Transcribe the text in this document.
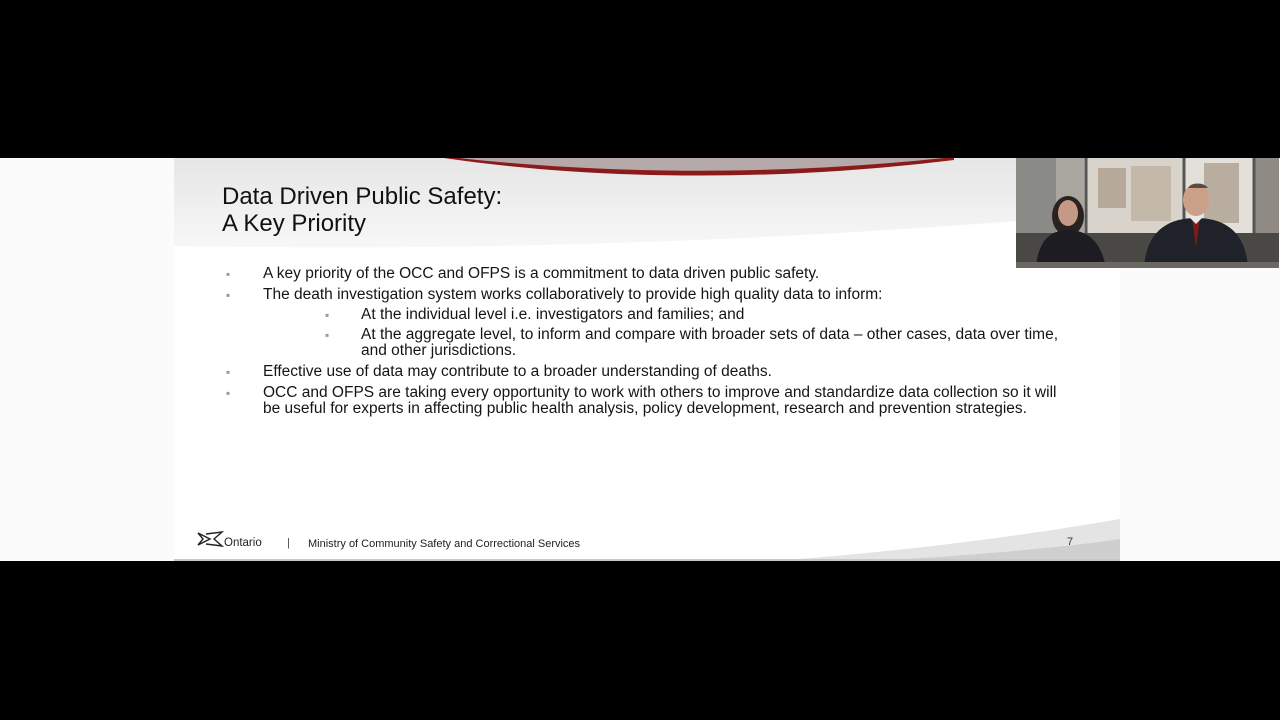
Data Driven Public Safety:
A Key Priority
▪ A key priority of the OCC and OFPS is a commitment to data driven public safety.
▪ The death investigation system works collaboratively to provide high quality data to inform:
▪ At the individual level i.e. investigators and families; and
▪ At the aggregate level, to inform and compare with broader sets of data – other cases, data over time, and other jurisdictions.
▪ Effective use of data may contribute to a broader understanding of deaths.
▪ OCC and OFPS are taking every opportunity to work with others to improve and standardize data collection so it will be useful for experts in affecting public health analysis, policy development, research and prevention strategies.
Ontario | Ministry of Community Safety and Correctional Services	7
